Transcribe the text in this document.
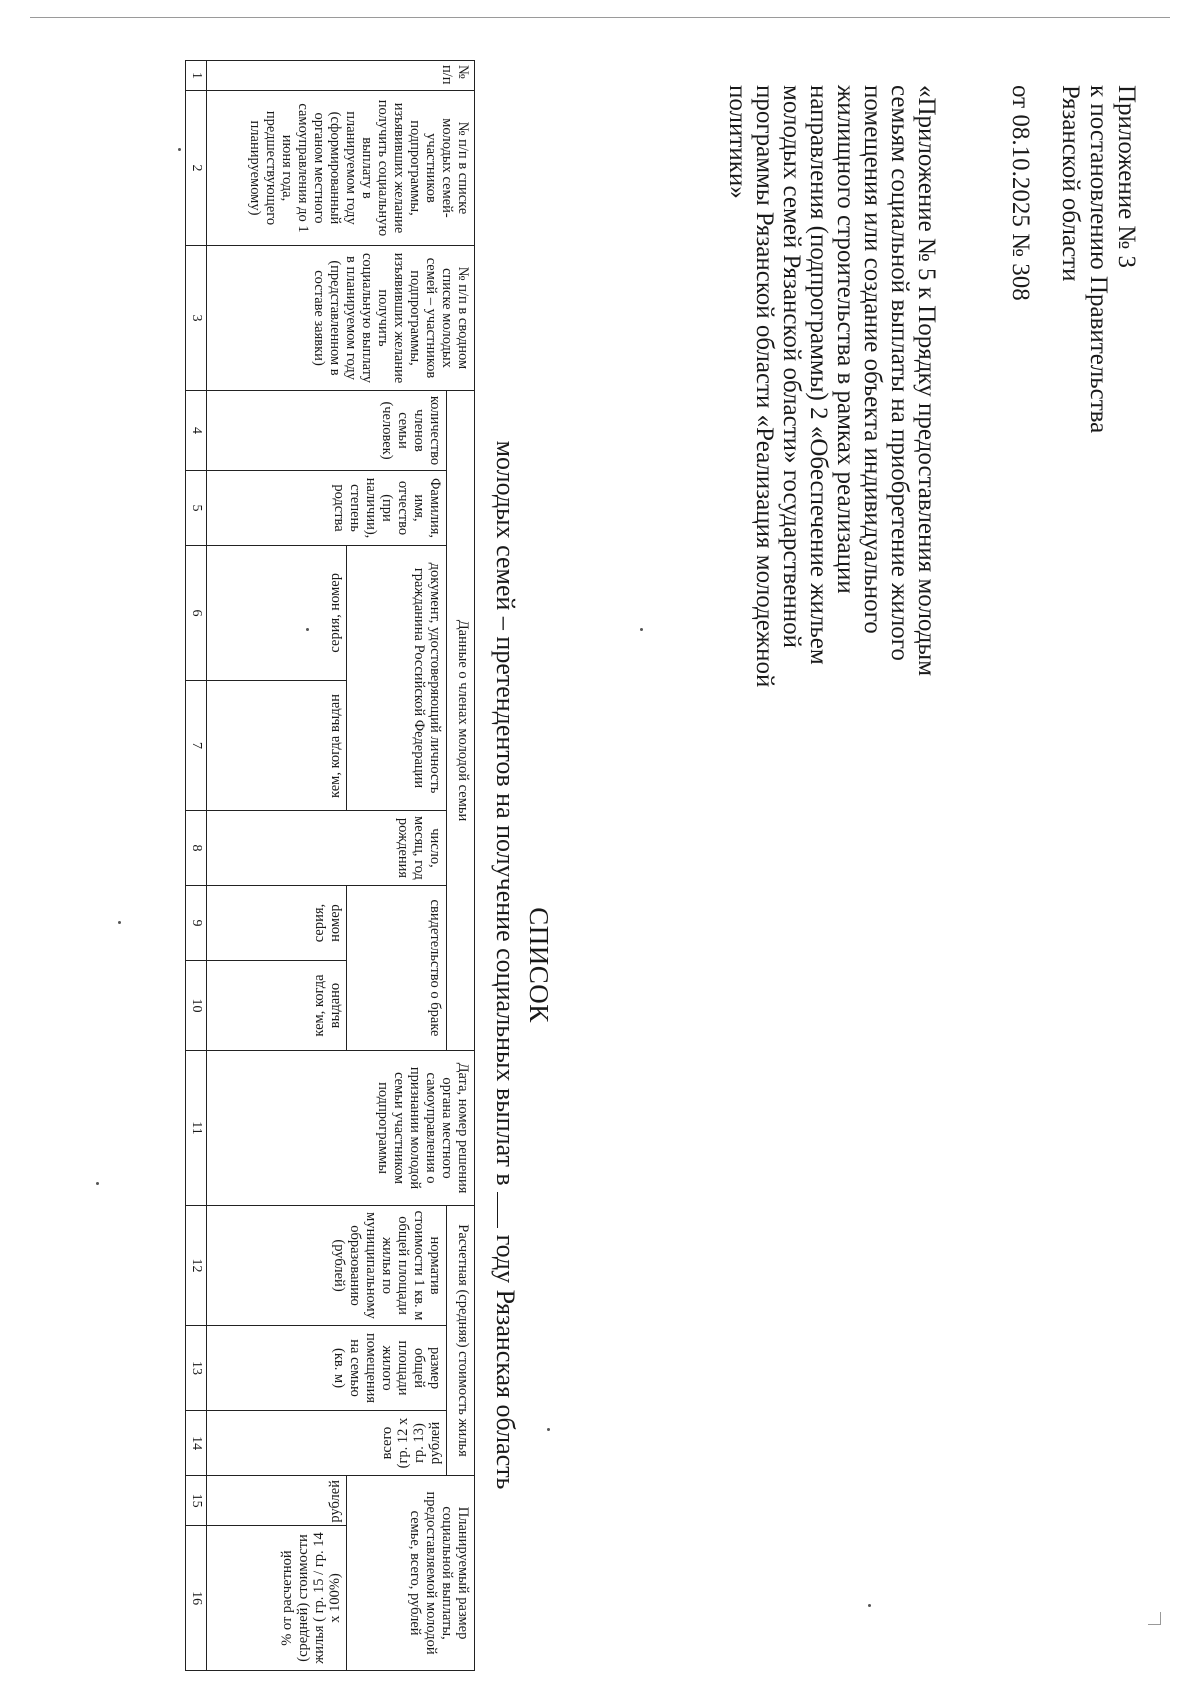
Приложение № 3
к постановлению Правительства
Рязанской области
от 08.10.2025 № 308
«Приложение № 5 к Порядку предоставления молодым семьям социальной выплаты на приобретение жилого помещения или создание объекта индивидуального жилищного строительства в рамках реализации направления (подпрограммы) 2 «Обеспечение жильем молодых семей Рязанской области» государственной программы Рязанской области «Реализация молодежной политики»
СПИСОК
молодых семей – претендентов на получение социальных выплат в  году Рязанская область
№ п/п	№ п/п в списке молодых семей-участников подпрограммы, изъявивших желание получить социальную выплату в планируемом году (сформированный органом местного самоуправления до 1 июня года, предшествующего планируемому)	№ п/п в сводном списке молодых семей – участников подпрограммы, изъявивших желание получить социальную выплату в планируемом году (представленном в составе заявки)	Данные о членах молодой семьи							Дата, номер решения органа местного самоуправления о признании молодой семьи участником подпрограммы	Расчетная (средняя) стоимость жилья			Планируемый размер социальной выплаты, предоставляемой молодой семье, всего, рублей	
			количество членов семьи (человек)	Фамилия, имя, отчество (при наличии), степень родства	документ, удостоверяющий личность гражданина Российской Федерации		число, месяц, год рождения	свидетельство о браке			норматив стоимости 1 кв. м общей площади жилья по муниципальному образованию (рублей)	размер общей площади жилого помещения на семью (кв. м)	всего (гр. 12 x гр. 13) рублей		
					серия, номер	кем, когда выдан		серия, номер	кем, когда выдано					рублей	% от расчетной (средней) стоимости жилья ( гр. 15 / гр. 14 x 100%)
1	2	3	4	5	6	7	8	9	10	11	12	13	14	15	16
